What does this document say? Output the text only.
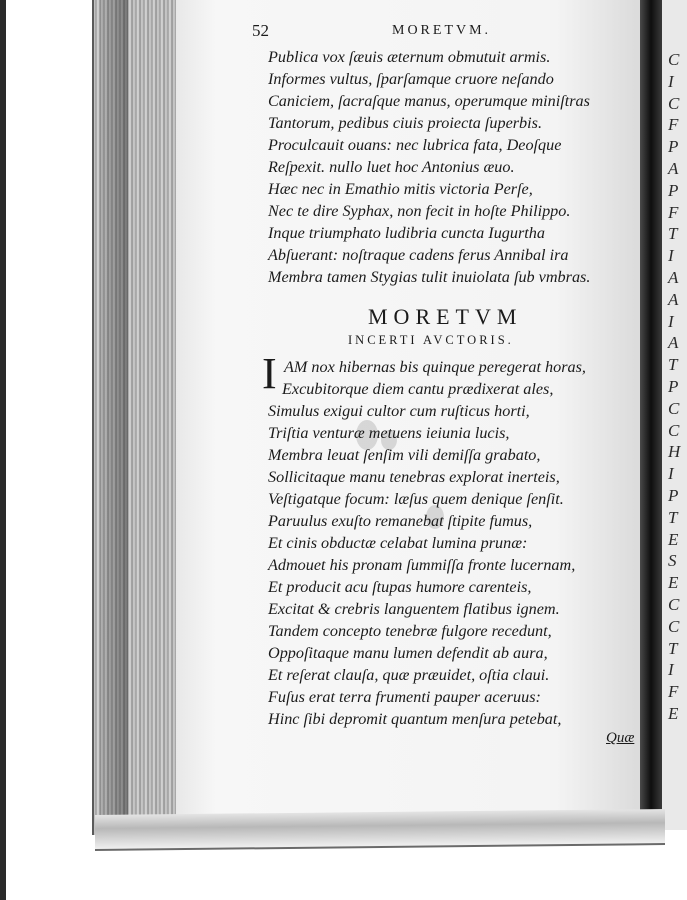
C
I
C
F
P
A
P
F
T
I
A
A
I
A
T
P
C
C
H
I
P
T
E
S
E
C
C
T
I
F
E
52	MORETVM.
Publica vox ſæuis æternum obmutuit armis.
Informes vultus, ſparſamque cruore neſando
Caniciem, ſacraſque manus, operumque miniſtras
Tantorum, pedibus ciuis proiecta ſuperbis.
Proculcauit ouans: nec lubrica fata, Deoſque
Reſpexit. nullo luet hoc Antonius æuo.
Hæc nec in Emathio mitis victoria Perſe,
Nec te dire Syphax, non fecit in hoſte Philippo.
Inque triumphato ludibria cuncta Iugurtha
Abſuerant: noſtraque cadens ferus Annibal ira
Membra tamen Stygias tulit inuiolata ſub vmbras.
MORETVM
INCERTI AVCTORIS.
I AM nox hibernas bis quinque peregerat horas,
Excubitorque diem cantu prædixerat ales,
Simulus exigui cultor cum ruſticus horti,
Triſtia venturæ metuens ieiunia lucis,
Membra leuat ſenſim vili demiſſa grabato,
Sollicitaque manu tenebras explorat inerteis,
Veſtigatque focum: læſus quem denique ſenſit.
Paruulus exuſto remanebat ſtipite fumus,
Et cinis obductæ celabat lumina prunæ:
Admouet his pronam ſummiſſa fronte lucernam,
Et producit acu ſtupas humore carenteis,
Excitat & crebris languentem flatibus ignem.
Tandem concepto tenebræ fulgore recedunt,
Oppoſitaque manu lumen defendit ab aura,
Et reſerat clauſa, quæ præuidet, oſtia claui.
Fuſus erat terra frumenti pauper aceruus:
Hinc ſibi depromit quantum menſura petebat,
Quæ
